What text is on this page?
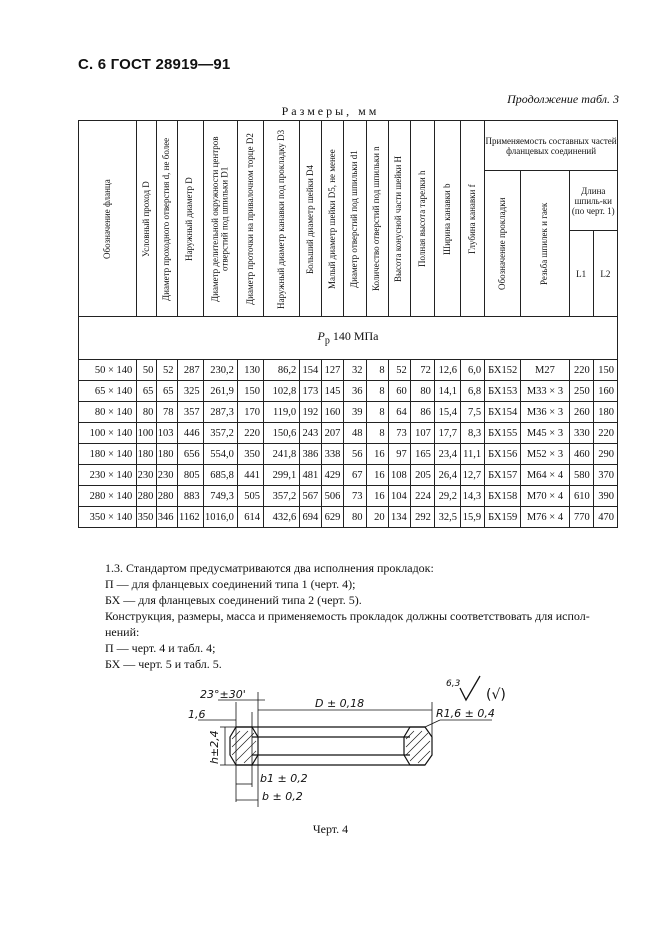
С. 6 ГОСТ 28919—91
Продолжение табл. 3
Размеры, мм
Обозначение фланца	Условный проход D	Диаметр проходного отверстия d, не более	Наружный диаметр D	Диаметр делительной окружности центров отверстий под шпильки D1	Диаметр проточки на привалочном торце D2	Наружный диаметр канавки под прокладку D3	Больший диаметр шейки D4	Малый диаметр шейки D5, не менее	Диаметр отверстий под шпильки d1	Количество отверстий под шпильки n	Высота конусной части шейки H	Полная высота тарелки h	Ширина канавки b	Глубина канавки f	Применяемость составных частей фланцевых соединений			

															Обозначение прокладки	Резьба шпилек и гаек	Длина шпиль-ки (по черт. 1)	
																	L1	L2
$P_р$ 140 МПа																		
50 × 140	50	52	287	230,2	130	86,2	154	127	32	8	52	72	12,6	6,0	БХ152	М27	220	150
65 × 140	65	65	325	261,9	150	102,8	173	145	36	8	60	80	14,1	6,8	БХ153	М33 × 3	250	160
80 × 140	80	78	357	287,3	170	119,0	192	160	39	8	64	86	15,4	7,5	БХ154	М36 × 3	260	180
100 × 140	100	103	446	357,2	220	150,6	243	207	48	8	73	107	17,7	8,3	БХ155	М45 × 3	330	220
180 × 140	180	180	656	554,0	350	241,8	386	338	56	16	97	165	23,4	11,1	БХ156	М52 × 3	460	290
230 × 140	230	230	805	685,8	441	299,1	481	429	67	16	108	205	26,4	12,7	БХ157	М64 × 4	580	370
280 × 140	280	280	883	749,3	505	357,2	567	506	73	16	104	224	29,2	14,3	БХ158	М70 × 4	610	390
350 × 140	350	346	1162	1016,0	614	432,6	694	629	80	20	134	292	32,5	15,9	БХ159	М76 × 4	770	470
1.3. Стандартом предусматриваются два исполнения прокладок:
П — для фланцевых соединений типа 1 (черт. 4);
БХ — для фланцевых соединений типа 2 (черт. 5).
Конструкция, размеры, масса и применяемость прокладок должны соответствовать для испол-нений:
П — черт. 4 и табл. 4;
БХ — черт. 5 и табл. 5.
23°±30'
1,6
D ± 0,18
R1,6 ± 0,4
h±2,4
b1 ± 0,2
b ± 0,2
6,3
(√)
Черт. 4
